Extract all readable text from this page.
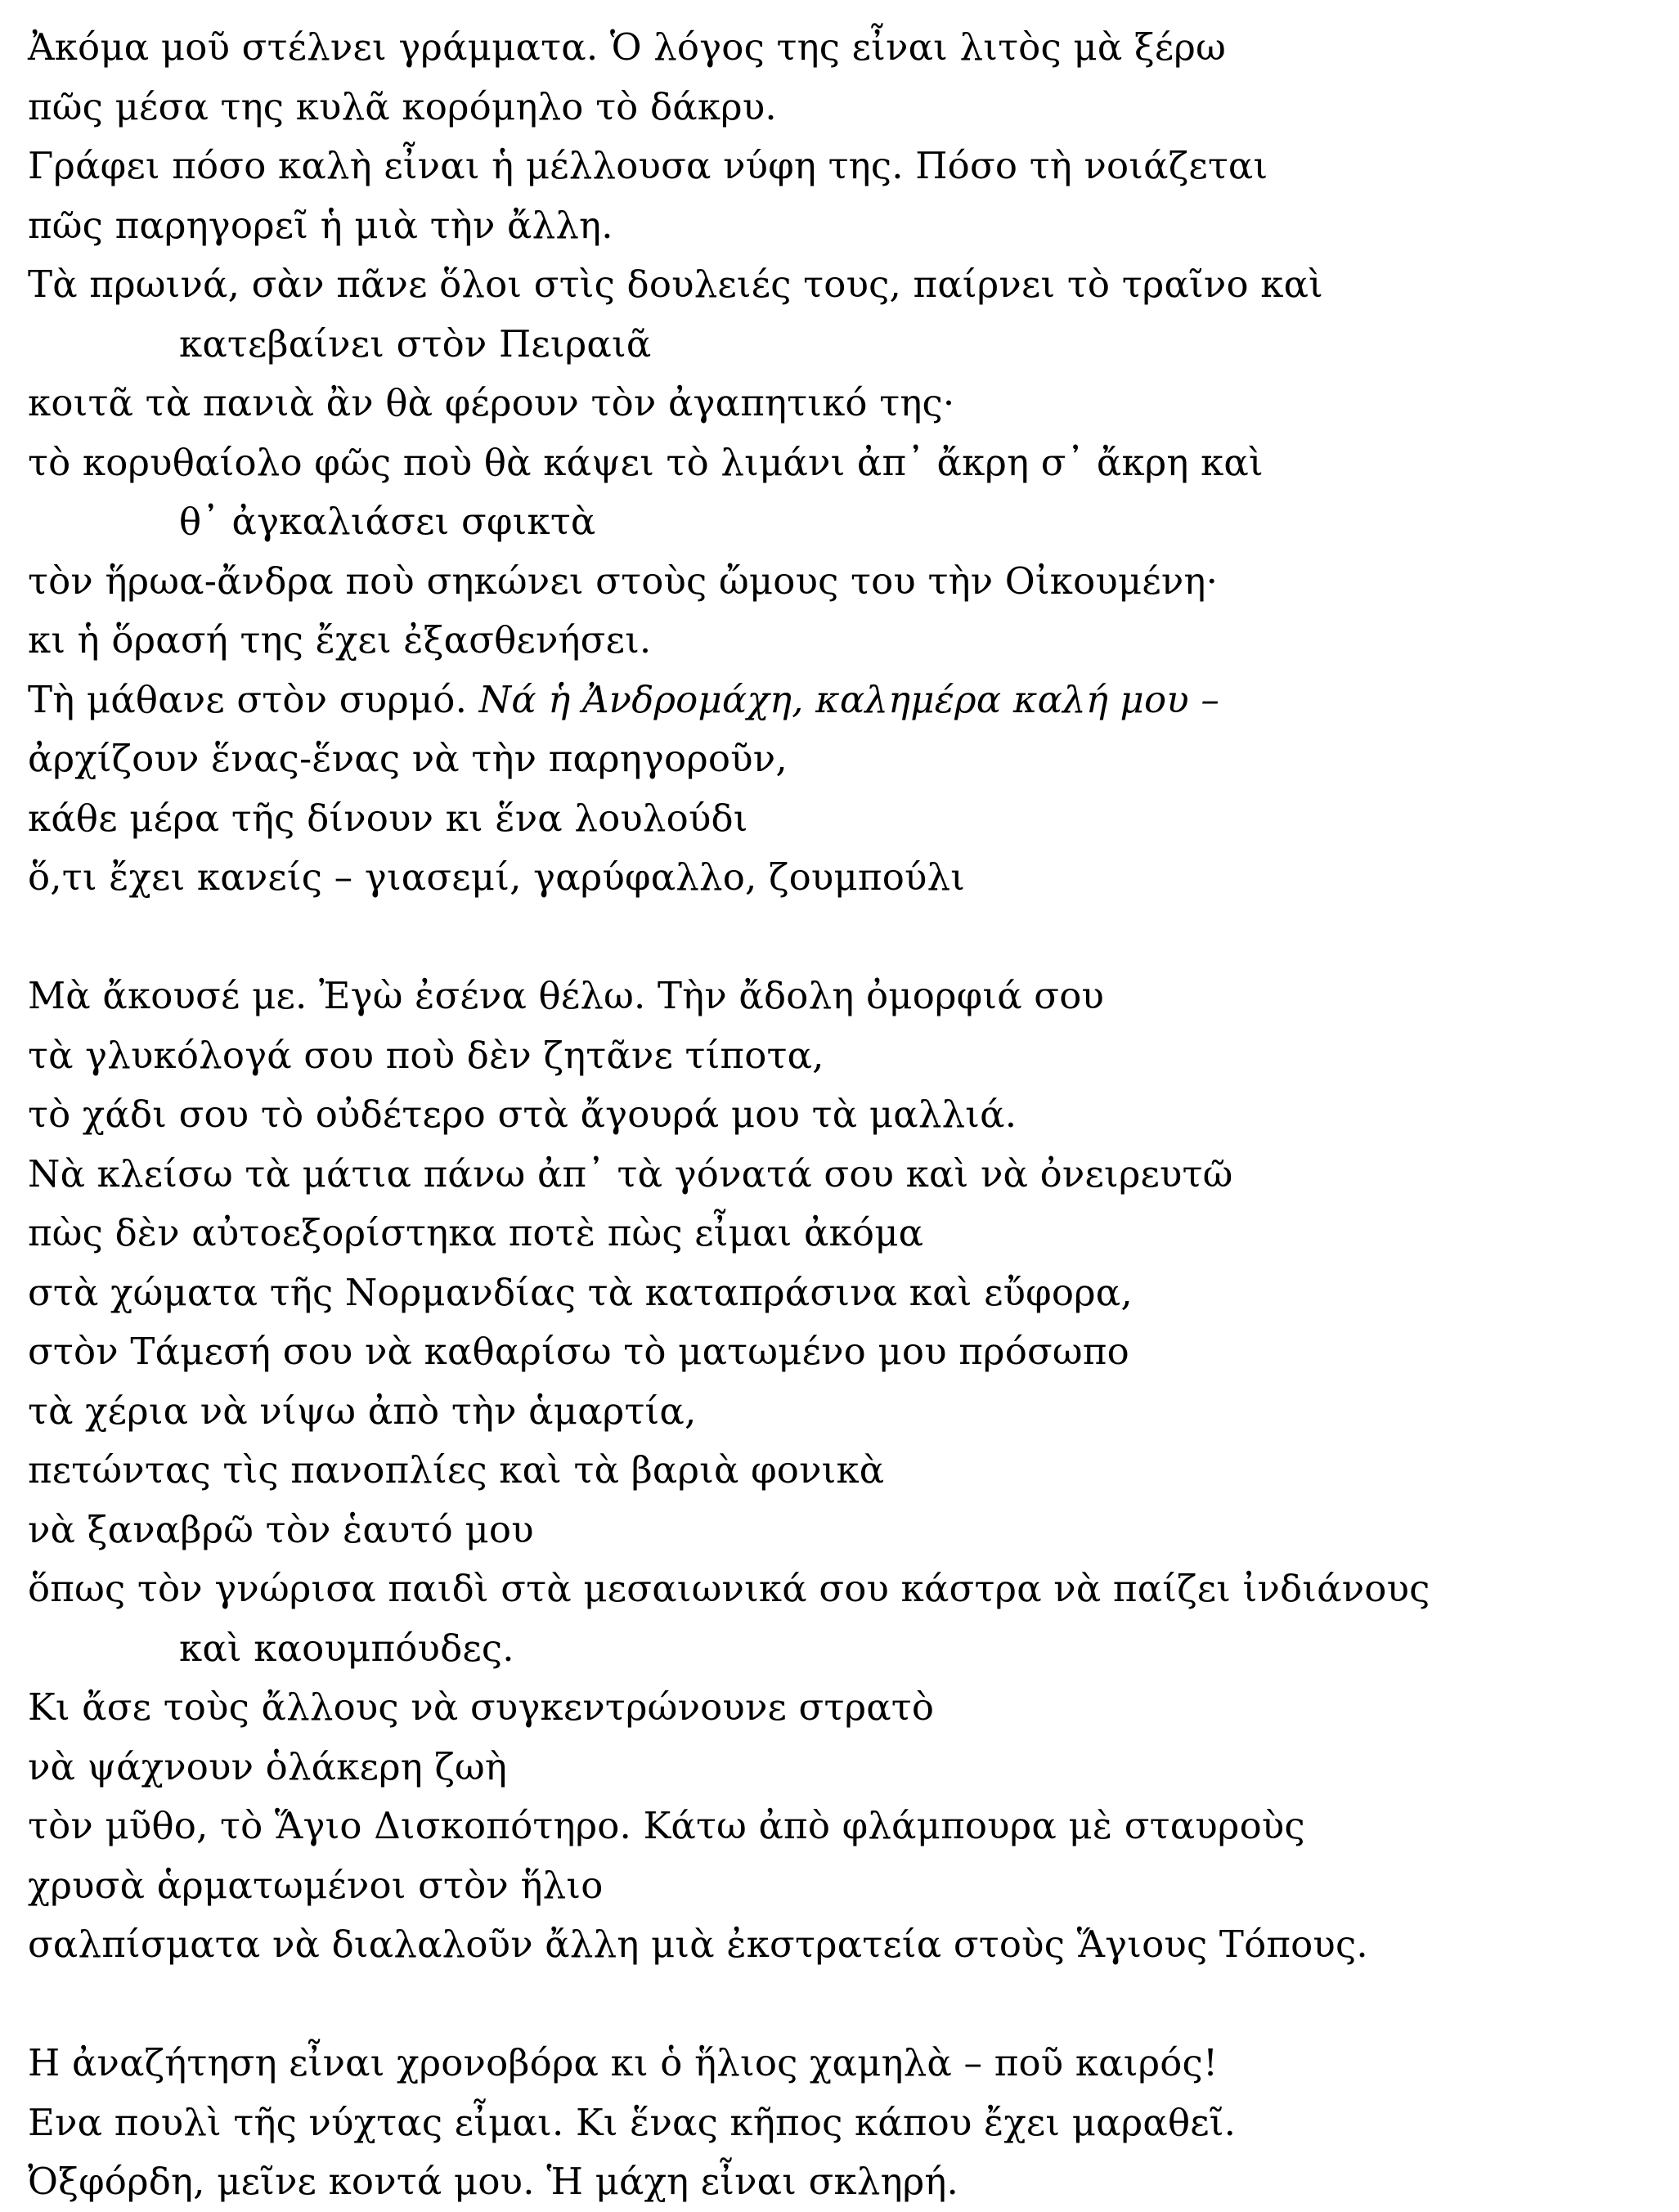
Ἀκόμα μοῦ στέλνει γράμματα. Ὁ λόγος της εἶναι λιτὸς μὰ ξέρω
πῶς μέσα της κυλᾶ κορόμηλο τὸ δάκρυ.
Γράφει πόσο καλὴ εἶναι ἡ μέλλουσα νύφη της. Πόσο τὴ νοιάζεται
πῶς παρηγορεῖ ἡ μιὰ τὴν ἄλλη.
Τὰ πρωινά, σὰν πᾶνε ὅλοι στὶς δουλειές τους, παίρνει τὸ τραῖνο καὶ
κατεβαίνει στὸν Πειραιᾶ
κοιτᾶ τὰ πανιὰ ἂν θὰ φέρουν τὸν ἀγαπητικό της·
τὸ κορυθαίολο φῶς ποὺ θὰ κάψει τὸ λιμάνι ἀπ᾽ ἄκρη σ᾽ ἄκρη καὶ
θ᾽ ἀγκαλιάσει σφικτὰ
τὸν ἥρωα-ἄνδρα ποὺ σηκώνει στοὺς ὤμους του τὴν Οἰκουμένη·
κι ἡ ὅρασή της ἔχει ἐξασθενήσει.
Τὴ μάθανε στὸν συρμό. Νά ἡ Ἀνδρομάχη, καλημέρα καλή μου –
ἀρχίζουν ἕνας-ἕνας νὰ τὴν παρηγοροῦν,
κάθε μέρα τῆς δίνουν κι ἕνα λουλούδι
ὅ,τι ἔχει κανείς – γιασεμί, γαρύφαλλο, ζουμπούλι
Μὰ ἄκουσέ με. Ἐγὼ ἐσένα θέλω. Τὴν ἄδολη ὀμορφιά σου
τὰ γλυκόλογά σου ποὺ δὲν ζητᾶνε τίποτα,
τὸ χάδι σου τὸ οὐδέτερο στὰ ἄγουρά μου τὰ μαλλιά.
Νὰ κλείσω τὰ μάτια πάνω ἀπ᾽ τὰ γόνατά σου καὶ νὰ ὀνειρευτῶ
πὼς δὲν αὐτοεξορίστηκα ποτὲ πὼς εἶμαι ἀκόμα
στὰ χώματα τῆς Νορμανδίας τὰ καταπράσινα καὶ εὔφορα,
στὸν Τάμεσή σου νὰ καθαρίσω τὸ ματωμένο μου πρόσωπο
τὰ χέρια νὰ νίψω ἀπὸ τὴν ἁμαρτία,
πετώντας τὶς πανοπλίες καὶ τὰ βαριὰ φονικὰ
νὰ ξαναβρῶ τὸν ἑαυτό μου
ὅπως τὸν γνώρισα παιδὶ στὰ μεσαιωνικά σου κάστρα νὰ παίζει ἰνδιάνους
καὶ καουμπόυδες.
Κι ἄσε τοὺς ἄλλους νὰ συγκεντρώνουνε στρατὸ
νὰ ψάχνουν ὁλάκερη ζωὴ
τὸν μῦθο, τὸ Ἅγιο Δισκοπότηρο. Κάτω ἀπὸ φλάμπουρα μὲ σταυροὺς
χρυσὰ ἁρματωμένοι στὸν ἥλιο
σαλπίσματα νὰ διαλαλοῦν ἄλλη μιὰ ἐκστρατεία στοὺς Ἅγιους Τόπους.
Η ἀναζήτηση εἶναι χρονοβόρα κι ὁ ἥλιος χαμηλὰ – ποῦ καιρός!
Ενα πουλὶ τῆς νύχτας εἶμαι. Κι ἕνας κῆπος κάπου ἔχει μαραθεῖ.
Ὀξφόρδη, μεῖνε κοντά μου. Ἡ μάχη εἶναι σκληρή.
